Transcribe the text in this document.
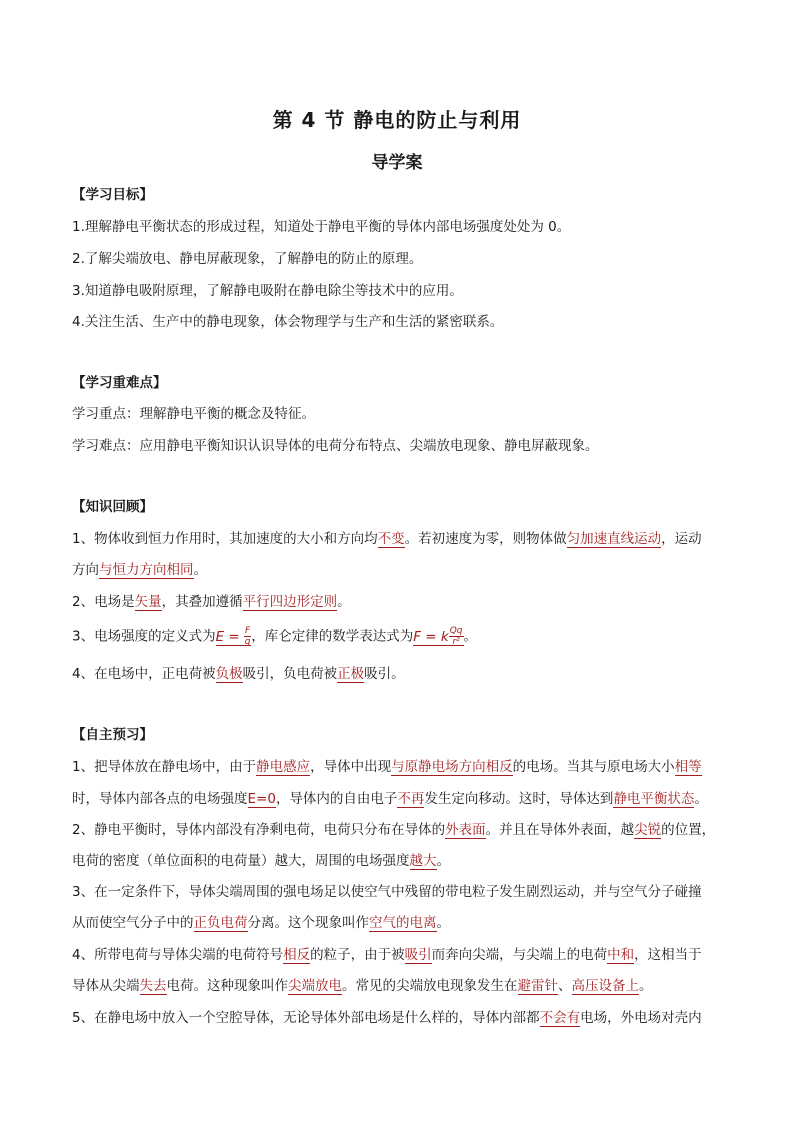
第 4 节 静电的防止与利用
导学案
【学习目标】
1.理解静电平衡状态的形成过程，知道处于静电平衡的导体内部电场强度处处为 0。
2.了解尖端放电、静电屏蔽现象，了解静电的防止的原理。
3.知道静电吸附原理，了解静电吸附在静电除尘等技术中的应用。
4.关注生活、生产中的静电现象，体会物理学与生产和生活的紧密联系。
【学习重难点】
学习重点：理解静电平衡的概念及特征。
学习难点：应用静电平衡知识认识导体的电荷分布特点、尖端放电现象、静电屏蔽现象。
【知识回顾】
1、物体收到恒力作用时，其加速度的大小和方向均不变。若初速度为零，则物体做匀加速直线运动，运动
方向与恒力方向相同。
2、电场是矢量，其叠加遵循平行四边形定则。
3、电场强度的定义式为$E = \frac{F}{q}$ ，库仑定律的数学表达式为F = k $\frac{Qq}{\text{r²}}$ 。
4、在电场中，正电荷被负极吸引，负电荷被正极吸引。
【自主预习】
1、把导体放在静电场中，由于静电感应，导体中出现与原静电场方向相反的电场。当其与原电场大小相等
时，导体内部各点的电场强度E=0，导体内的自由电子不再发生定向移动。这时，导体达到静电平衡状态。
2、静电平衡时，导体内部没有净剩电荷，电荷只分布在导体的外表面。并且在导体外表面，越尖锐的位置，
电荷的密度（单位面积的电荷量）越大，周围的电场强度越大。
3、在一定条件下，导体尖端周围的强电场足以使空气中残留的带电粒子发生剧烈运动，并与空气分子碰撞
从而使空气分子中的正负电荷分离。这个现象叫作空气的电离。
4、所带电荷与导体尖端的电荷符号相反的粒子，由于被吸引而奔向尖端，与尖端上的电荷中和，这相当于
导体从尖端失去电荷。这种现象叫作尖端放电。常见的尖端放电现象发生在避雷针、高压设备上。
5、在静电场中放入一个空腔导体，无论导体外部电场是什么样的，导体内部都不会有电场，外电场对壳内
